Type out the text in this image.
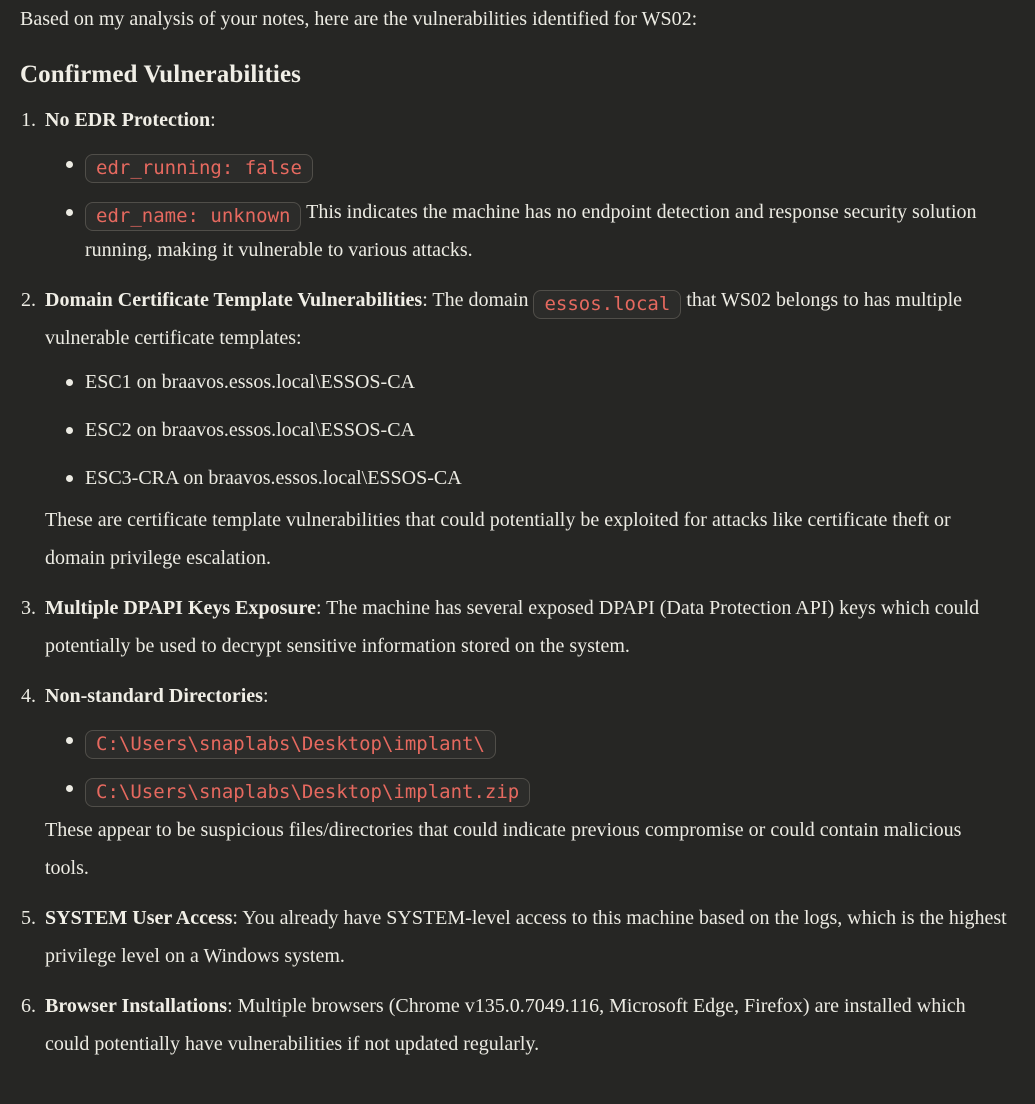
Based on my analysis of your notes, here are the vulnerabilities identified for WS02:

Confirmed Vulnerabilities
1. No EDR Protection:
edr_running: false
edr_name: unknown This indicates the machine has no endpoint detection and response security solution running, making it vulnerable to various attacks.
2. Domain Certificate Template Vulnerabilities: The domain essos.local that WS02 belongs to has multiple vulnerable certificate templates:
ESC1 on braavos.essos.local\ESSOS-CA
ESC2 on braavos.essos.local\ESSOS-CA
ESC3-CRA on braavos.essos.local\ESSOS-CA

These are certificate template vulnerabilities that could potentially be exploited for attacks like certificate theft or domain privilege escalation.

3. Multiple DPAPI Keys Exposure: The machine has several exposed DPAPI (Data Protection API) keys which could potentially be used to decrypt sensitive information stored on the system.
4. Non-standard Directories:
C:\Users\snaplabs\Desktop\implant\
C:\Users\snaplabs\Desktop\implant.zip

These appear to be suspicious files/directories that could indicate previous compromise or could contain malicious tools.

5. SYSTEM User Access: You already have SYSTEM-level access to this machine based on the logs, which is the highest privilege level on a Windows system.
6. Browser Installations: Multiple browsers (Chrome v135.0.7049.116, Microsoft Edge, Firefox) are installed which could potentially have vulnerabilities if not updated regularly.
